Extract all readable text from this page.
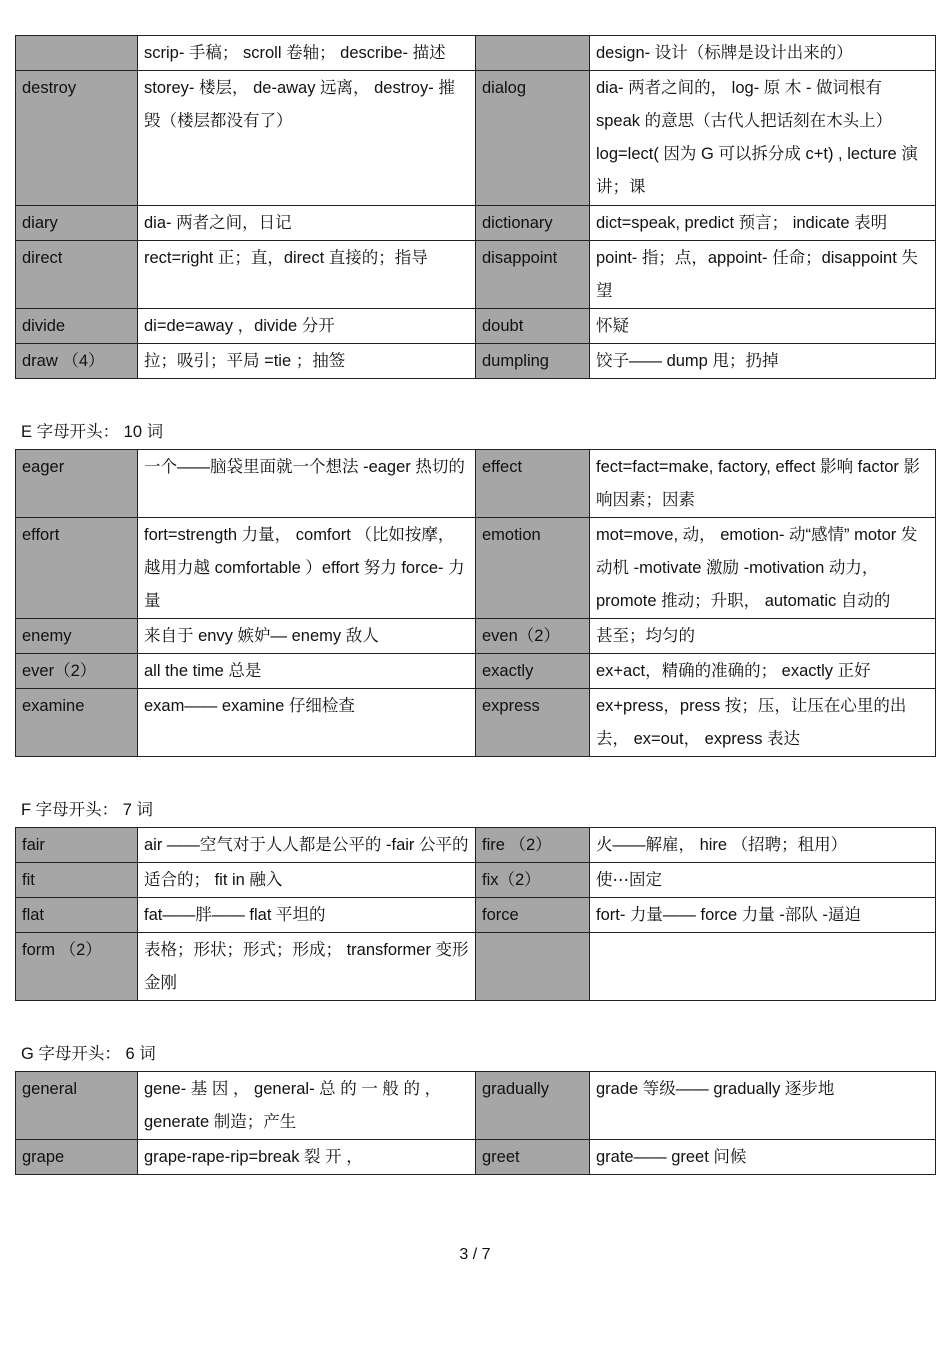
	scrip- 手稿； scroll 卷轴； describe- 描述		design- 设计（标牌是设计出来的）
destroy	storey- 楼层， de-away 远离， destroy- 摧毁（楼层都没有了）	dialog	dia- 两者之间的， log- 原 木 - 做词根有 speak 的意思（古代人把话刻在木头上） log=lect( 因为 G 可以拆分成 c+t) , lecture 演讲；课
diary	dia- 两者之间，日记	dictionary	dict=speak, predict 预言； indicate 表明
direct	rect=right 正；直，direct 直接的；指导	disappoint	point- 指；点，appoint- 任命；disappoint 失望
divide	di=de=away ，divide 分开	doubt	怀疑
draw （4）	拉；吸引；平局 =tie ；抽签	dumpling	饺子—— dump 甩；扔掉
E 字母开头： 10 词
eager	一个——脑袋里面就一个想法 -eager 热切的	effect	fect=fact=make, factory, effect 影响 factor 影响因素；因素
effort	fort=strength 力量， comfort （比如按摩，越用力越 comfortable ）effort 努力 force- 力量	emotion	mot=move, 动， emotion- 动“感情” motor 发动机 -motivate 激励 -motivation 动力， promote 推动；升职， automatic 自动的
enemy	来自于 envy 嫉妒— enemy 敌人	even（2）	甚至；均匀的
ever（2）	all the time 总是	exactly	ex+act，精确的准确的； exactly 正好
examine	exam—— examine 仔细检查	express	ex+press，press 按；压，让压在心里的出去， ex=out， express 表达
F 字母开头： 7 词
fair	air ——空气对于人人都是公平的 -fair 公平的	fire （2）	火——解雇， hire （招聘；租用）
fit	适合的； fit in 融入	fix（2）	使⋯固定
flat	fat——胖—— flat 平坦的	force	fort- 力量—— force 力量 -部队 -逼迫
form （2）	表格；形状；形式；形成； transformer 变形金刚		
G 字母开头： 6 词
general	gene- 基 因 ， general- 总 的 一 般 的 ， generate 制造；产生	gradually	grade 等级—— gradually 逐步地
grape	grape-rape-rip=break 裂 开 ，	greet	grate—— greet 问候
3 / 7
